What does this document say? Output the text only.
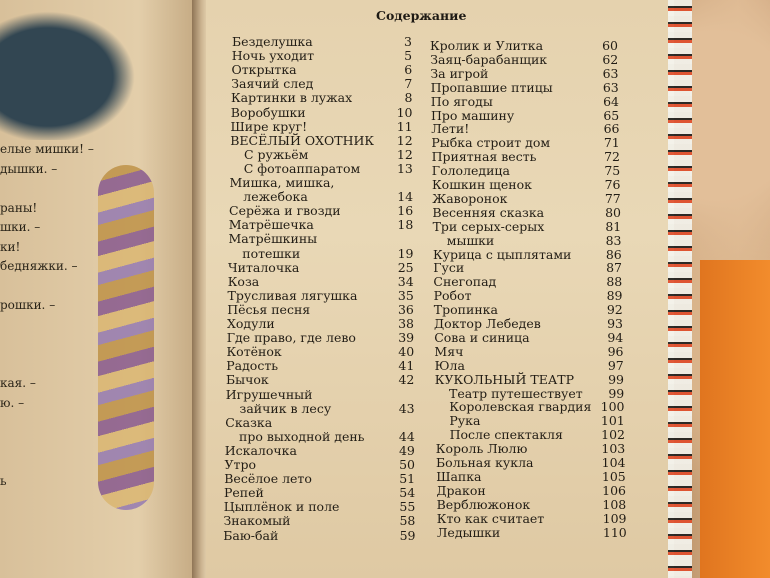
елые мишки! –
дышки. –

раны!
шки. –
ки!
бедняжки. –

рошки. –

кая. –
ю. –

ь

Содержание
Безделушка	3
Ночь уходит	5
Открытка	6
Заячий след	7
Картинки в лужах	8
Воробушки	10
Шире круг!	11
ВЕСЁЛЫЙ ОХОТНИК	12
С ружьём	12
С фотоаппаратом	13
Мишка, мишка,
лежебока	14
Серёжа и гвозди	16
Матрёшечка	18
Матрёшкины
потешки	19
Читалочка	25
Коза	34
Трусливая лягушка	35
Пёсья песня	36
Ходули	38
Где право, где лево	39
Котёнок	40
Радость	41
Бычок	42
Игрушечный
зайчик в лесу	43
Сказка
про выходной день	44
Искалочка	49
Утро	50
Весёлое лето	51
Репей	54
Цыплёнок и поле	55
Знакомый	58
Баю-бай	59
Кролик и Улитка	60
Заяц-барабанщик	62
За игрой	63
Пропавшие птицы	63
По ягоды	64
Про машину	65
Лети!	66
Рыбка строит дом	71
Приятная весть	72
Гололедица	75
Кошкин щенок	76
Жаворонок	77
Весенняя сказка	80
Три серых-серых	81
мышки	83
Курица с цыплятами	86
Гуси	87
Снегопад	88
Робот	89
Тропинка	92
Доктор Лебедев	93
Сова и синица	94
Мяч	96
Юла	97
КУКОЛЬНЫЙ ТЕАТР	99
Театр путешествует	99
Королевская гвардия 100
Рука	101
После спектакля	102
Король Люлю	103
Больная кукла	104
Шапка	105
Дракон	106
Верблюжонок	108
Кто как считает	109
Ледышки	110
